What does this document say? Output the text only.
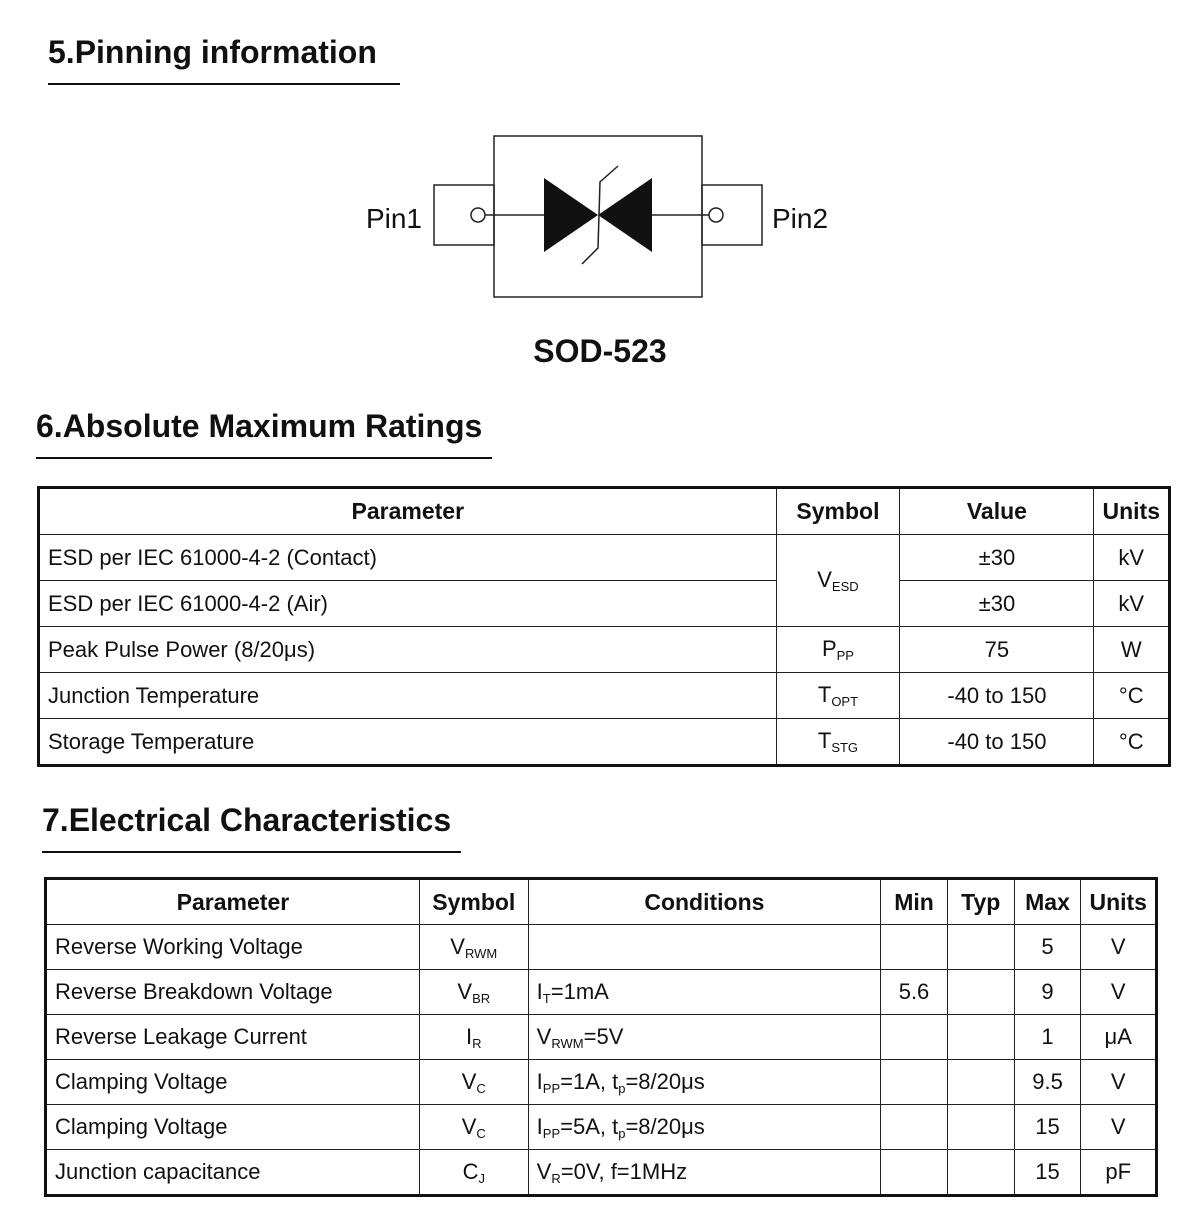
5.Pinning information
Pin1	Pin2
SOD-523
6.Absolute Maximum Ratings
Parameter	Symbol	Value	Units
ESD per IEC 61000-4-2 (Contact)	$V_{ESD}$	±30	kV
ESD per IEC 61000-4-2 (Air)		±30	kV
Peak Pulse Power (8/20μs)	$P_{PP}$	75	W
Junction Temperature	$T_{OPT}$	-40 to 150	°C
Storage Temperature	$T_{STG}$	-40 to 150	°C
7.Electrical Characteristics
Parameter	Symbol	Conditions	Min	Typ	Max	Units
Reverse Working Voltage	$V_{RWM}$				5	V
Reverse Breakdown Voltage	$V_{BR}$	$I_T=1mA$	5.6		9	V
Reverse Leakage Current	$I_R$	$V_{RWM}=5V$			1	μA
Clamping Voltage	$V_C$	$I_{PP}=1A$, $t_p=8/20\mu s$			9.5	V
Clamping Voltage	$V_C$	$I_{PP}=5A$, $t_p=8/20\mu s$			15	V
Junction capacitance	$C_J$	$V_R=0V$, f=1MHz			15	pF
